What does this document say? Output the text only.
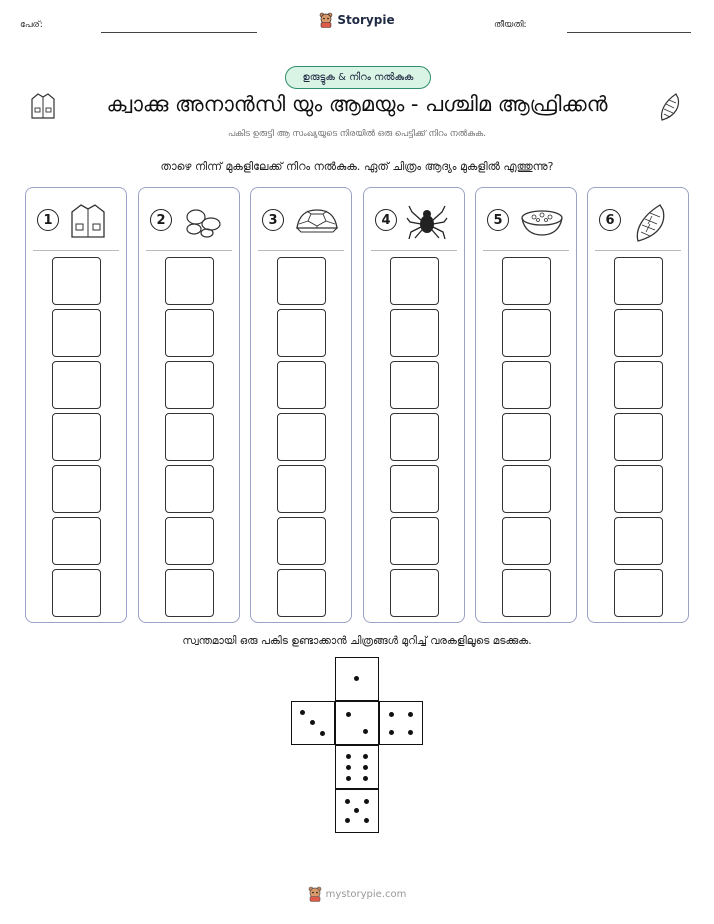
പേര്:	Storypie	തീയതി:
ഉരുട്ടുക & നിറം നൽകുക
ക്വാക്കു അനാൻസി യും ആമയും - പശ്ചിമ ആഫ്രിക്കൻ
പകിട ഉരുട്ടി ആ സംഖ്യയുടെ നിരയിൽ ഒരു പെട്ടിക്ക് നിറം നൽകുക.
താഴെ നിന്ന് മുകളിലേക്ക് നിറം നൽകുക. ഏത് ചിത്രം ആദ്യം മുകളിൽ എത്തുന്നു?
1	2	3	4	5	6
സ്വന്തമായി ഒരു പകിട ഉണ്ടാക്കാൻ ചിത്രങ്ങൾ മുറിച്ച് വരകളിലൂടെ മടക്കുക.
mystorypie.com
